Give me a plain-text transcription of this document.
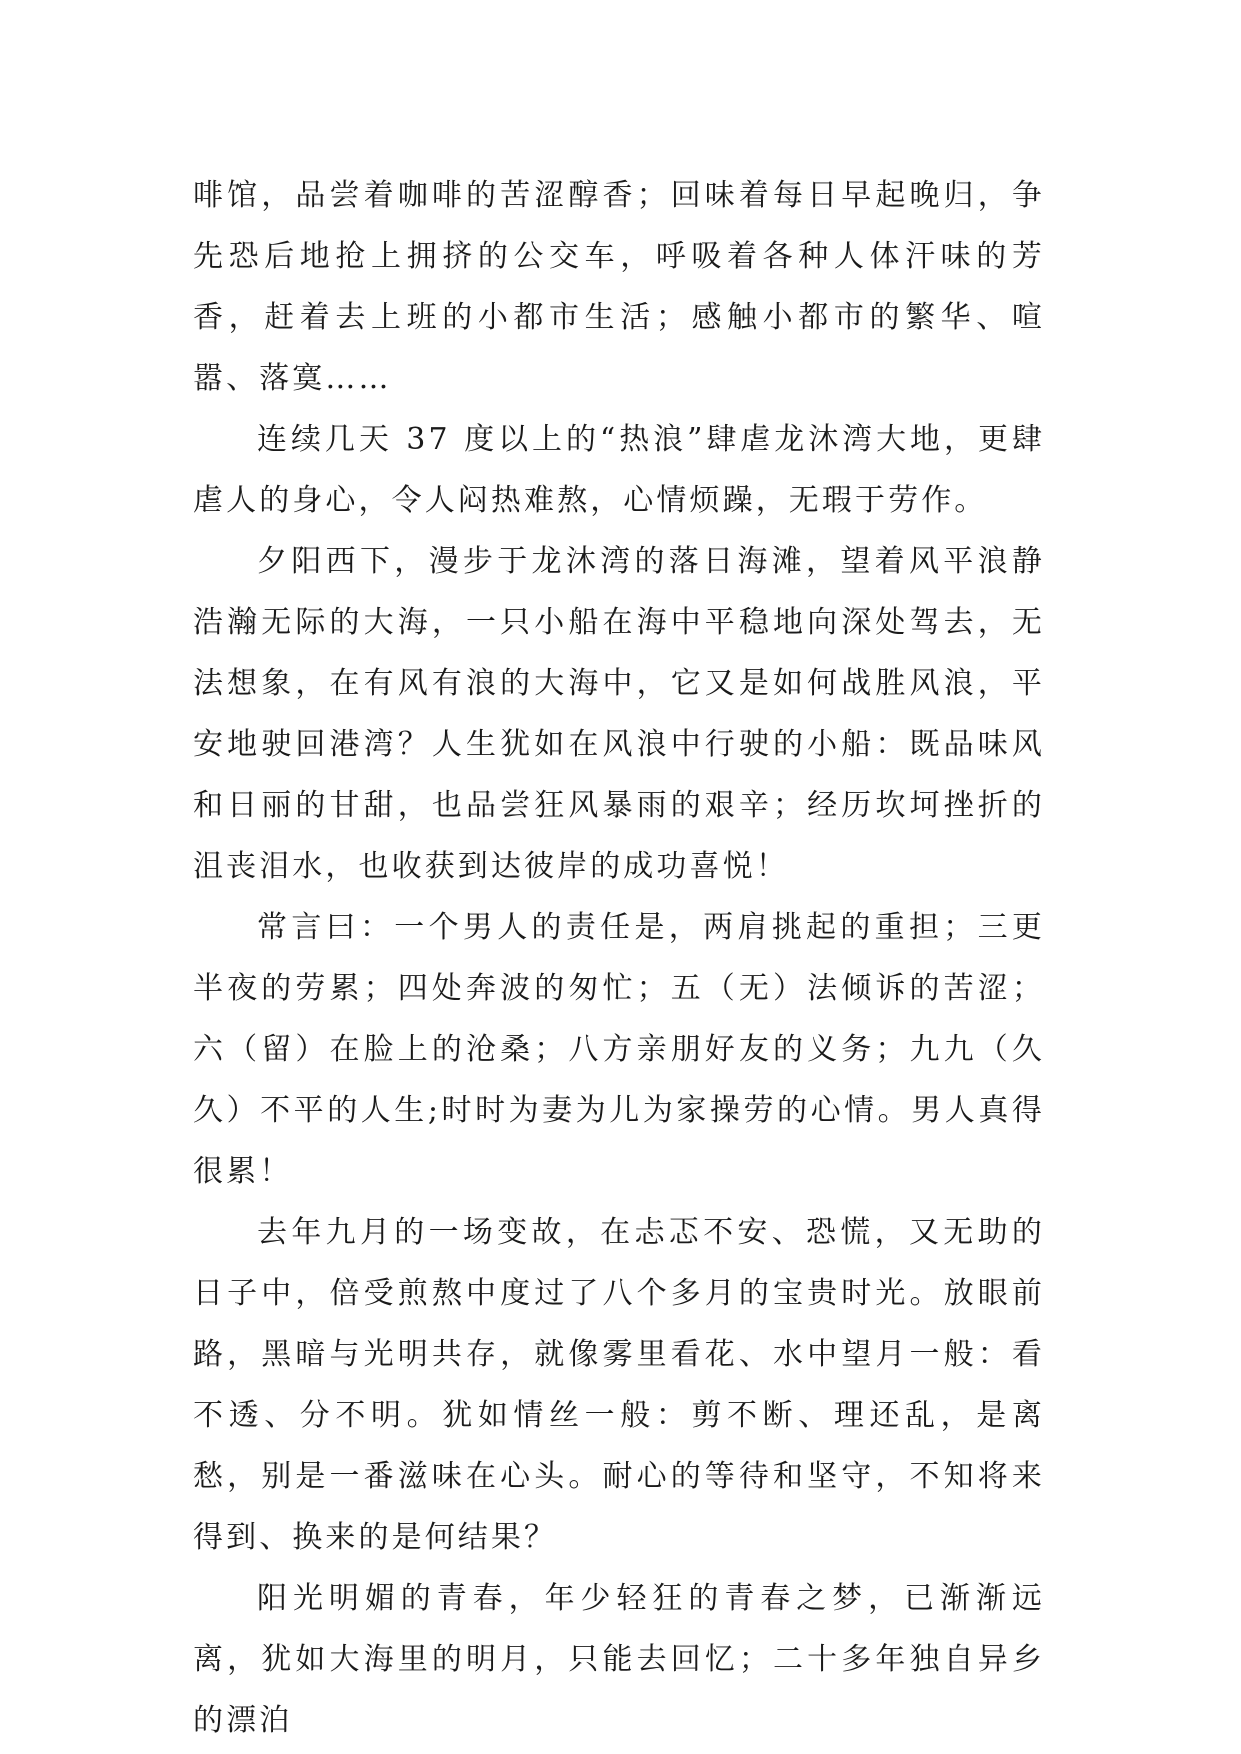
啡馆，品尝着咖啡的苦涩醇香；回味着每日早起晚归，争先恐后地抢上拥挤的公交车，呼吸着各种人体汗味的芳香，赶着去上班的小都市生活；感触小都市的繁华、喧嚣、落寞……

连续几天 37 度以上的“热浪”肆虐龙沐湾大地，更肆虐人的身心，令人闷热难熬，心情烦躁，无瑕于劳作。

夕阳西下，漫步于龙沐湾的落日海滩，望着风平浪静浩瀚无际的大海，一只小船在海中平稳地向深处驾去，无法想象，在有风有浪的大海中，它又是如何战胜风浪，平安地驶回港湾？人生犹如在风浪中行驶的小船：既品味风和日丽的甘甜，也品尝狂风暴雨的艰辛；经历坎坷挫折的沮丧泪水，也收获到达彼岸的成功喜悦！

常言曰：一个男人的责任是，两肩挑起的重担；三更半夜的劳累；四处奔波的匆忙；五（无）法倾诉的苦涩；六（留）在脸上的沧桑；八方亲朋好友的义务；九九（久久）不平的人生;时时为妻为儿为家操劳的心情。男人真得很累！

去年九月的一场变故，在忐忑不安、恐慌，又无助的日子中，倍受煎熬中度过了八个多月的宝贵时光。放眼前路，黑暗与光明共存，就像雾里看花、水中望月一般：看不透、分不明。犹如情丝一般：剪不断、理还乱，是离愁，别是一番滋味在心头。耐心的等待和坚守，不知将来得到、换来的是何结果？

阳光明媚的青春，年少轻狂的青春之梦，已渐渐远离，犹如大海里的明月，只能去回忆；二十多年独自异乡的漂泊
